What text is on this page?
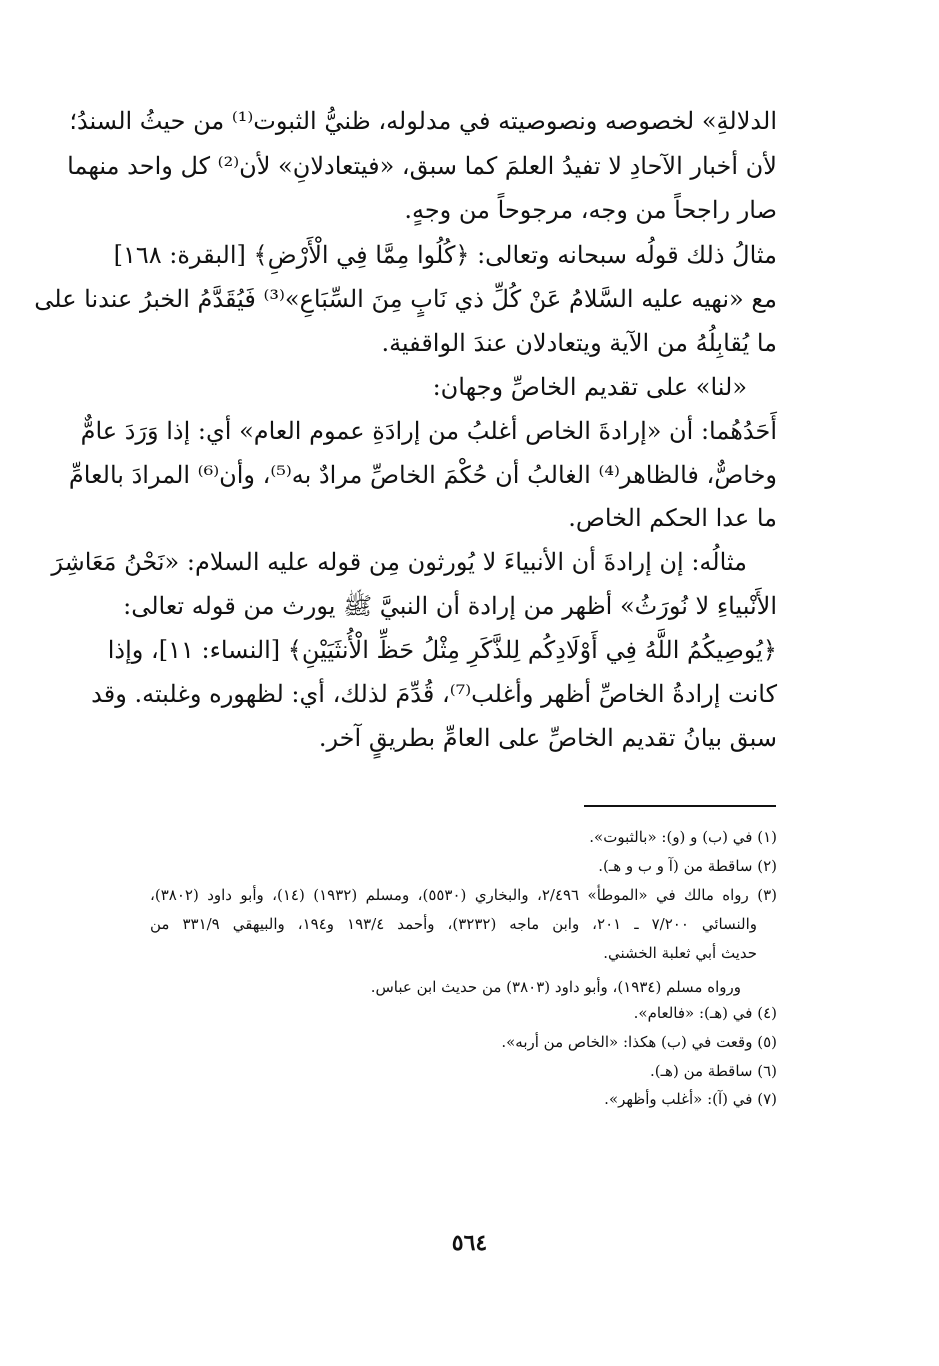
الدلالةِ» لخصوصه ونصوصيته في مدلوله، ظنيُّ الثبوت⁽¹⁾ من حيثُ السندُ؛
لأن أخبار الآحادِ لا تفيدُ العلمَ كما سبق، «فيتعادلانِ» لأن⁽²⁾ كل واحد منهما
صار راجحاً من وجه، مرجوحاً من وجهٍ.
مثالُ ذلك قولُه سبحانه وتعالى: ﴿كُلُوا مِمَّا فِي الْأَرْضِ﴾ [البقرة: ١٦٨]
مع «نهيه عليه السَّلامُ عَنْ كُلِّ ذي نَابٍ مِنَ السِّبَاعِ»⁽³⁾ فَيُقَدَّمُ الخبرُ عندنا على
ما يُقابِلُهُ من الآية ويتعادلان عندَ الواقفية.
«لنا» على تقديم الخاصِّ وجهان:
أَحَدُهُما: أن «إرادةَ الخاص أغلبُ من إرادَةِ عموم العام» أي: إذا وَرَدَ عامٌّ
وخاصٌّ، فالظاهر⁽⁴⁾ الغالبُ أن حُكْمَ الخاصِّ مرادٌ به⁽⁵⁾، وأن⁽⁶⁾ المرادَ بالعامِّ
ما عدا الحكم الخاص.
مثالُه: إن إرادةَ أن الأنبياءَ لا يُورثون مِن قوله عليه السلام: «نَحْنُ مَعَاشِرَ
الأَنْبياءِ لا نُورَثُ» أظهر من إرادة أن النبيَّ ﷺ يورث من قوله تعالى:
﴿يُوصِيكُمُ اللَّهُ فِي أَوْلَادِكُم لِلذَّكَرِ مِثْلُ حَظِّ الْأُنثَيَيْنِ﴾ [النساء: ١١]، وإذا
كانت إرادةُ الخاصِّ أظهر وأغلب⁽⁷⁾، قُدِّمَ لذلك، أي: لظهوره وغلبته. وقد
سبق بيانُ تقديم الخاصِّ على العامِّ بطريقٍ آخر.
(١) في (ب) و (و): «بالثبوت».
(٢) ساقطة من (آ و ب و هـ).
(٣) رواه مالك في «الموطأ» ٢/٤٩٦، والبخاري (٥٥٣٠)، ومسلم (١٩٣٢) (١٤)، وأبو داود (٣٨٠٢)،
والنسائي ٧/٢٠٠ ـ ٢٠١، وابن ماجه (٣٢٣٢)، وأحمد ١٩٣/٤ و١٩٤، والبيهقي ٣٣١/٩ من
حديث أبي ثعلبة الخشني.
ورواه مسلم (١٩٣٤)، وأبو داود (٣٨٠٣) من حديث ابن عباس.
(٤) في (هـ): «فالعام».
(٥) وقعت في (ب) هكذا: «الخاص من أربه».
(٦) ساقطة من (هـ).
(٧) في (آ): «أغلب وأظهر».
٥٦٤
